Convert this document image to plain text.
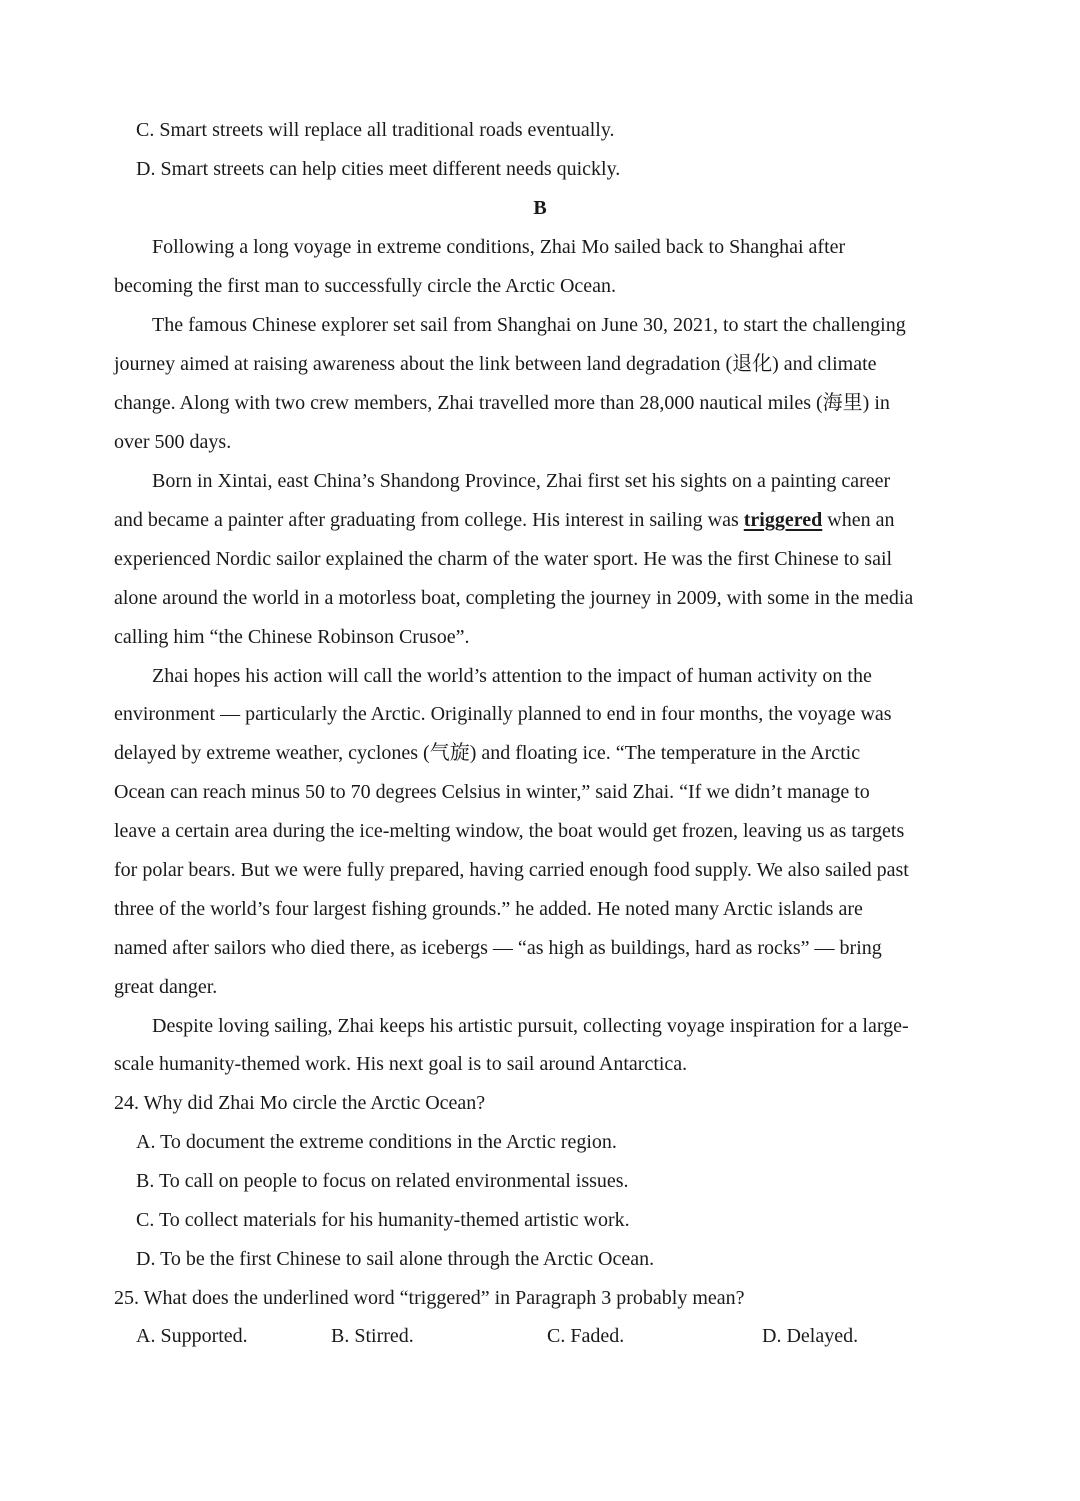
C. Smart streets will replace all traditional roads eventually.
D. Smart streets can help cities meet different needs quickly.
B
Following a long voyage in extreme conditions, Zhai Mo sailed back to Shanghai after
becoming the first man to successfully circle the Arctic Ocean.
The famous Chinese explorer set sail from Shanghai on June 30, 2021, to start the challenging
journey aimed at raising awareness about the link between land degradation (退化) and climate
change. Along with two crew members, Zhai travelled more than 28,000 nautical miles (海里) in
over 500 days.
Born in Xintai, east China’s Shandong Province, Zhai first set his sights on a painting career
and became a painter after graduating from college. His interest in sailing was triggered when an
experienced Nordic sailor explained the charm of the water sport. He was the first Chinese to sail
alone around the world in a motorless boat, completing the journey in 2009, with some in the media
calling him “the Chinese Robinson Crusoe”.
Zhai hopes his action will call the world’s attention to the impact of human activity on the
environment — particularly the Arctic. Originally planned to end in four months, the voyage was
delayed by extreme weather, cyclones (气旋) and floating ice. “The temperature in the Arctic
Ocean can reach minus 50 to 70 degrees Celsius in winter,” said Zhai. “If we didn’t manage to
leave a certain area during the ice-melting window, the boat would get frozen, leaving us as targets
for polar bears. But we were fully prepared, having carried enough food supply. We also sailed past
three of the world’s four largest fishing grounds.” he added. He noted many Arctic islands are
named after sailors who died there, as icebergs — “as high as buildings, hard as rocks” — bring
great danger.
Despite loving sailing, Zhai keeps his artistic pursuit, collecting voyage inspiration for a large-
scale humanity-themed work. His next goal is to sail around Antarctica.
24. Why did Zhai Mo circle the Arctic Ocean?
A. To document the extreme conditions in the Arctic region.
B. To call on people to focus on related environmental issues.
C. To collect materials for his humanity-themed artistic work.
D. To be the first Chinese to sail alone through the Arctic Ocean.
25. What does the underlined word “triggered” in Paragraph 3 probably mean?
A. Supported.	B. Stirred.	C. Faded.	D. Delayed.
